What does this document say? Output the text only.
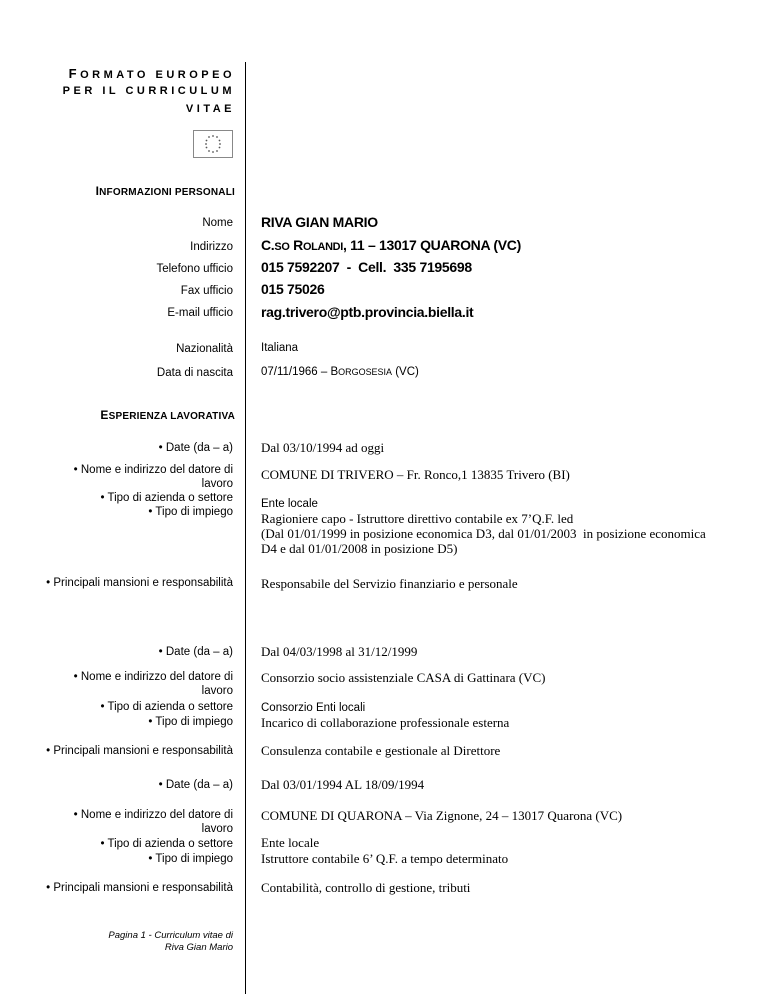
FORMATO EUROPEO
PER IL CURRICULUM
VITAE
INFORMAZIONI PERSONALI
Nome RIVA GIAN MARIO
Indirizzo C.SO ROLANDI, 11 – 13017 QUARONA (VC)
Telefono ufficio 015 7592207  -  Cell.  335 7195698
Fax ufficio 015 75026
E-mail ufficio rag.trivero@ptb.provincia.biella.it
Nazionalità Italiana
Data di nascita 07/11/1966 – BORGOSESIA (VC)
ESPERIENZA LAVORATIVA
• Date (da – a) Dal 03/10/1994 ad oggi
• Nome e indirizzo del datore di lavoro
COMUNE DI TRIVERO – Fr. Ronco,1 13835 Trivero (BI)
• Tipo di azienda o settore Ente locale
• Tipo di impiego Ragioniere capo - Istruttore direttivo contabile ex 7’Q.F. led
(Dal 01/01/1999 in posizione economica D3, dal 01/01/2003  in posizione economica
D4 e dal 01/01/2008 in posizione D5)
• Principali mansioni e responsabilità Responsabile del Servizio finanziario e personale
• Date (da – a) Dal 04/03/1998 al 31/12/1999
• Nome e indirizzo del datore di lavoro
Consorzio socio assistenziale CASA di Gattinara (VC)
• Tipo di azienda o settore Consorzio Enti locali
• Tipo di impiego Incarico di collaborazione professionale esterna
• Principali mansioni e responsabilità Consulenza contabile e gestionale al Direttore
• Date (da – a) Dal 03/01/1994 AL 18/09/1994
• Nome e indirizzo del datore di lavoro
COMUNE DI QUARONA – Via Zignone, 24 – 13017 Quarona (VC)
• Tipo di azienda o settore Ente locale
• Tipo di impiego Istruttore contabile 6’ Q.F. a tempo determinato
• Principali mansioni e responsabilità Contabilità, controllo di gestione, tributi
Pagina 1 - Curriculum vitae di
Riva Gian Mario
